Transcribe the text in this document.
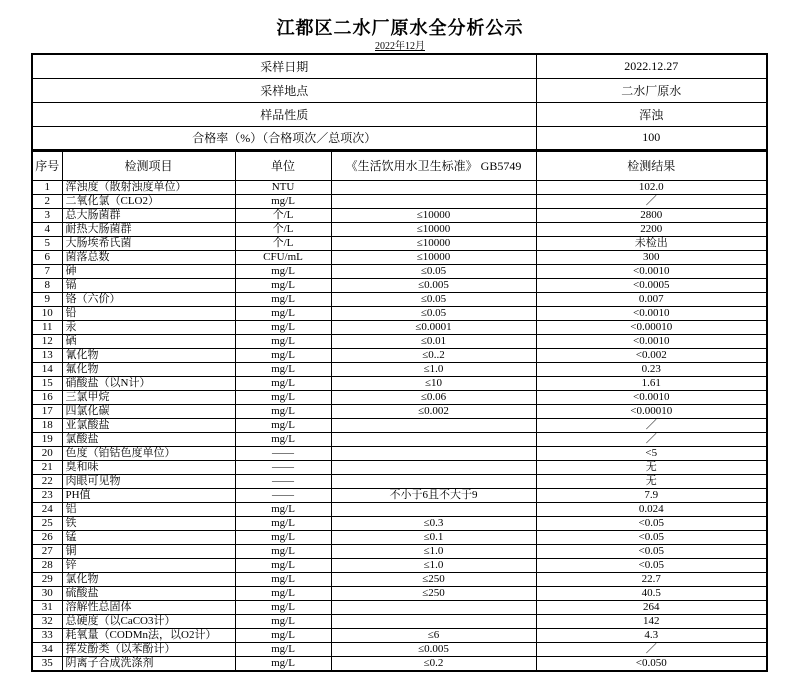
江都区二水厂原水全分析公示
2022年12月
采样日期				2022.12.27
采样地点				二水厂原水
样品性质				浑浊
合格率（%）（合格项次／总项次）				100
序号	检测项目	单位	《生活饮用水卫生标准》 GB5749	检测结果
1	浑浊度（散射浊度单位）	NTU		102.0
2	二氧化氯（CLO2）	mg/L		／
3	总大肠菌群	个/L	≤10000	2800
4	耐热大肠菌群	个/L	≤10000	2200
5	大肠埃希氏菌	个/L	≤10000	未检出
6	菌落总数	CFU/mL	≤10000	300
7	砷	mg/L	≤0.05	<0.0010
8	镉	mg/L	≤0.005	<0.0005
9	铬（六价）	mg/L	≤0.05	0.007
10	铅	mg/L	≤0.05	<0.0010
11	汞	mg/L	≤0.0001	<0.00010
12	硒	mg/L	≤0.01	<0.0010
13	氰化物	mg/L	≤0..2	<0.002
14	氟化物	mg/L	≤1.0	0.23
15	硝酸盐（以N计）	mg/L	≤10	1.61
16	三氯甲烷	mg/L	≤0.06	<0.0010
17	四氯化碳	mg/L	≤0.002	<0.00010
18	亚氯酸盐	mg/L		／
19	氯酸盐	mg/L		／
20	色度（铂钴色度单位）	——		<5
21	臭和味	——		无
22	肉眼可见物	——		无
23	PH值	——	不小于6且不大于9	7.9
24	铝	mg/L		0.024
25	铁	mg/L	≤0.3	<0.05
26	锰	mg/L	≤0.1	<0.05
27	铜	mg/L	≤1.0	<0.05
28	锌	mg/L	≤1.0	<0.05
29	氯化物	mg/L	≤250	22.7
30	硫酸盐	mg/L	≤250	40.5
31	溶解性总固体	mg/L		264
32	总硬度（以CaCO3计）	mg/L		142
33	耗氧量（CODMn法，以O2计）	mg/L	≤6	4.3
34	挥发酚类（以苯酚计）	mg/L	≤0.005	／
35	阴离子合成洗涤剂	mg/L	≤0.2	<0.050
